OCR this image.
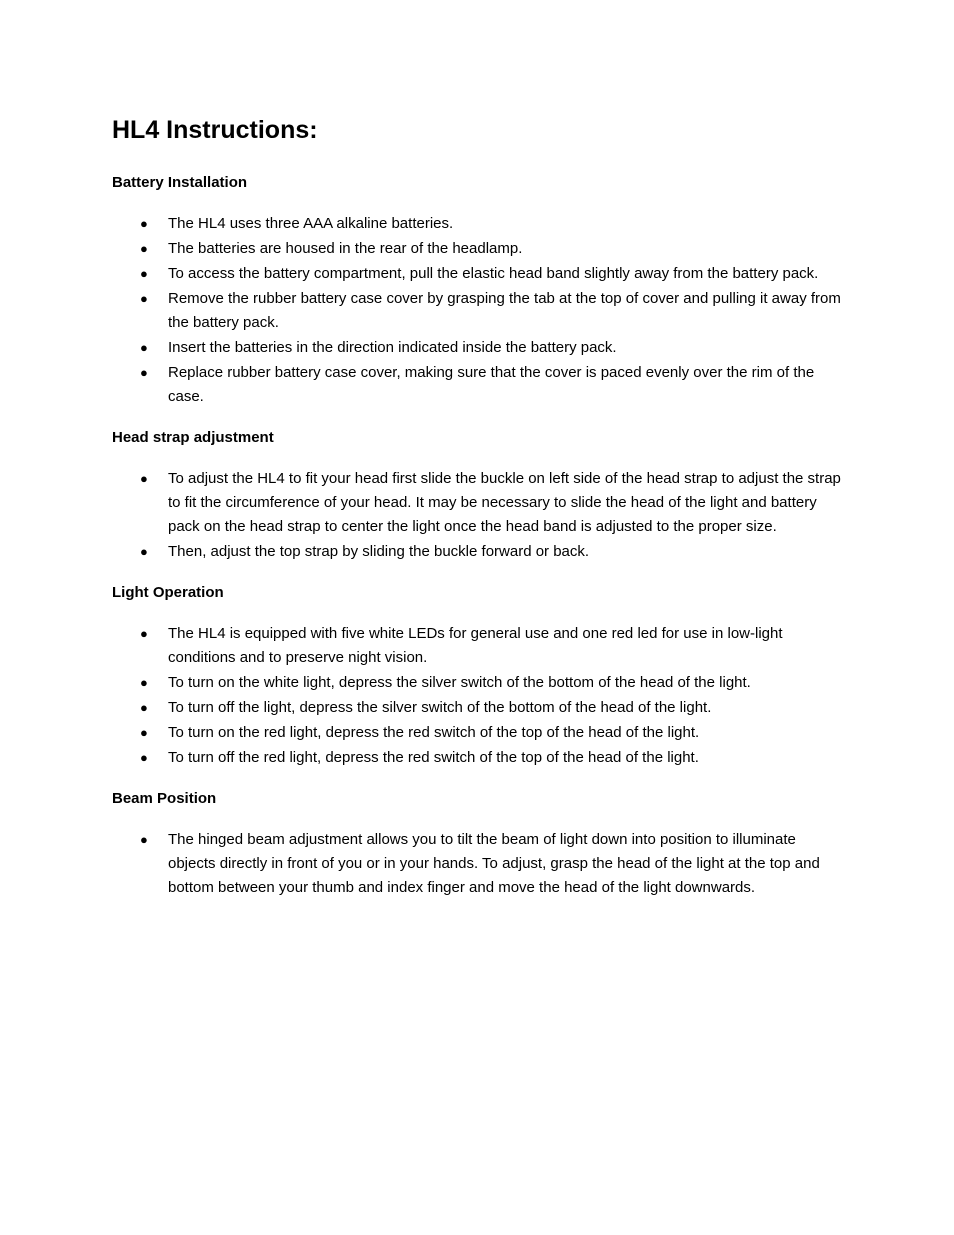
HL4 Instructions:
Battery Installation
● The HL4 uses three AAA alkaline batteries.
● The batteries are housed in the rear of the headlamp.
● To access the battery compartment, pull the elastic head band slightly away from the battery pack.
● Remove the rubber battery case cover by grasping the tab at the top of cover and pulling it away from the battery pack.
● Insert the batteries in the direction indicated inside the battery pack.
● Replace rubber battery case cover, making sure that the cover is paced evenly over the rim of the case.
Head strap adjustment
● To adjust the HL4 to fit your head first slide the buckle on left side of the head strap to adjust the strap to fit the circumference of your head. It may be necessary to slide the head of the light and battery pack on the head strap to center the light once the head band is adjusted to the proper size.
● Then, adjust the top strap by sliding the buckle forward or back.
Light Operation
● The HL4 is equipped with five white LEDs for general use and one red led for use in low-light conditions and to preserve night vision.
● To turn on the white light, depress the silver switch of the bottom of the head of the light.
● To turn off the light, depress the silver switch of the bottom of the head of the light.
● To turn on the red light, depress the red switch of the top of the head of the light.
● To turn off the red light, depress the red switch of the top of the head of the light.
Beam Position
● The hinged beam adjustment allows you to tilt the beam of light down into position to illuminate objects directly in front of you or in your hands. To adjust, grasp the head of the light at the top and bottom between your thumb and index finger and move the head of the light downwards.
